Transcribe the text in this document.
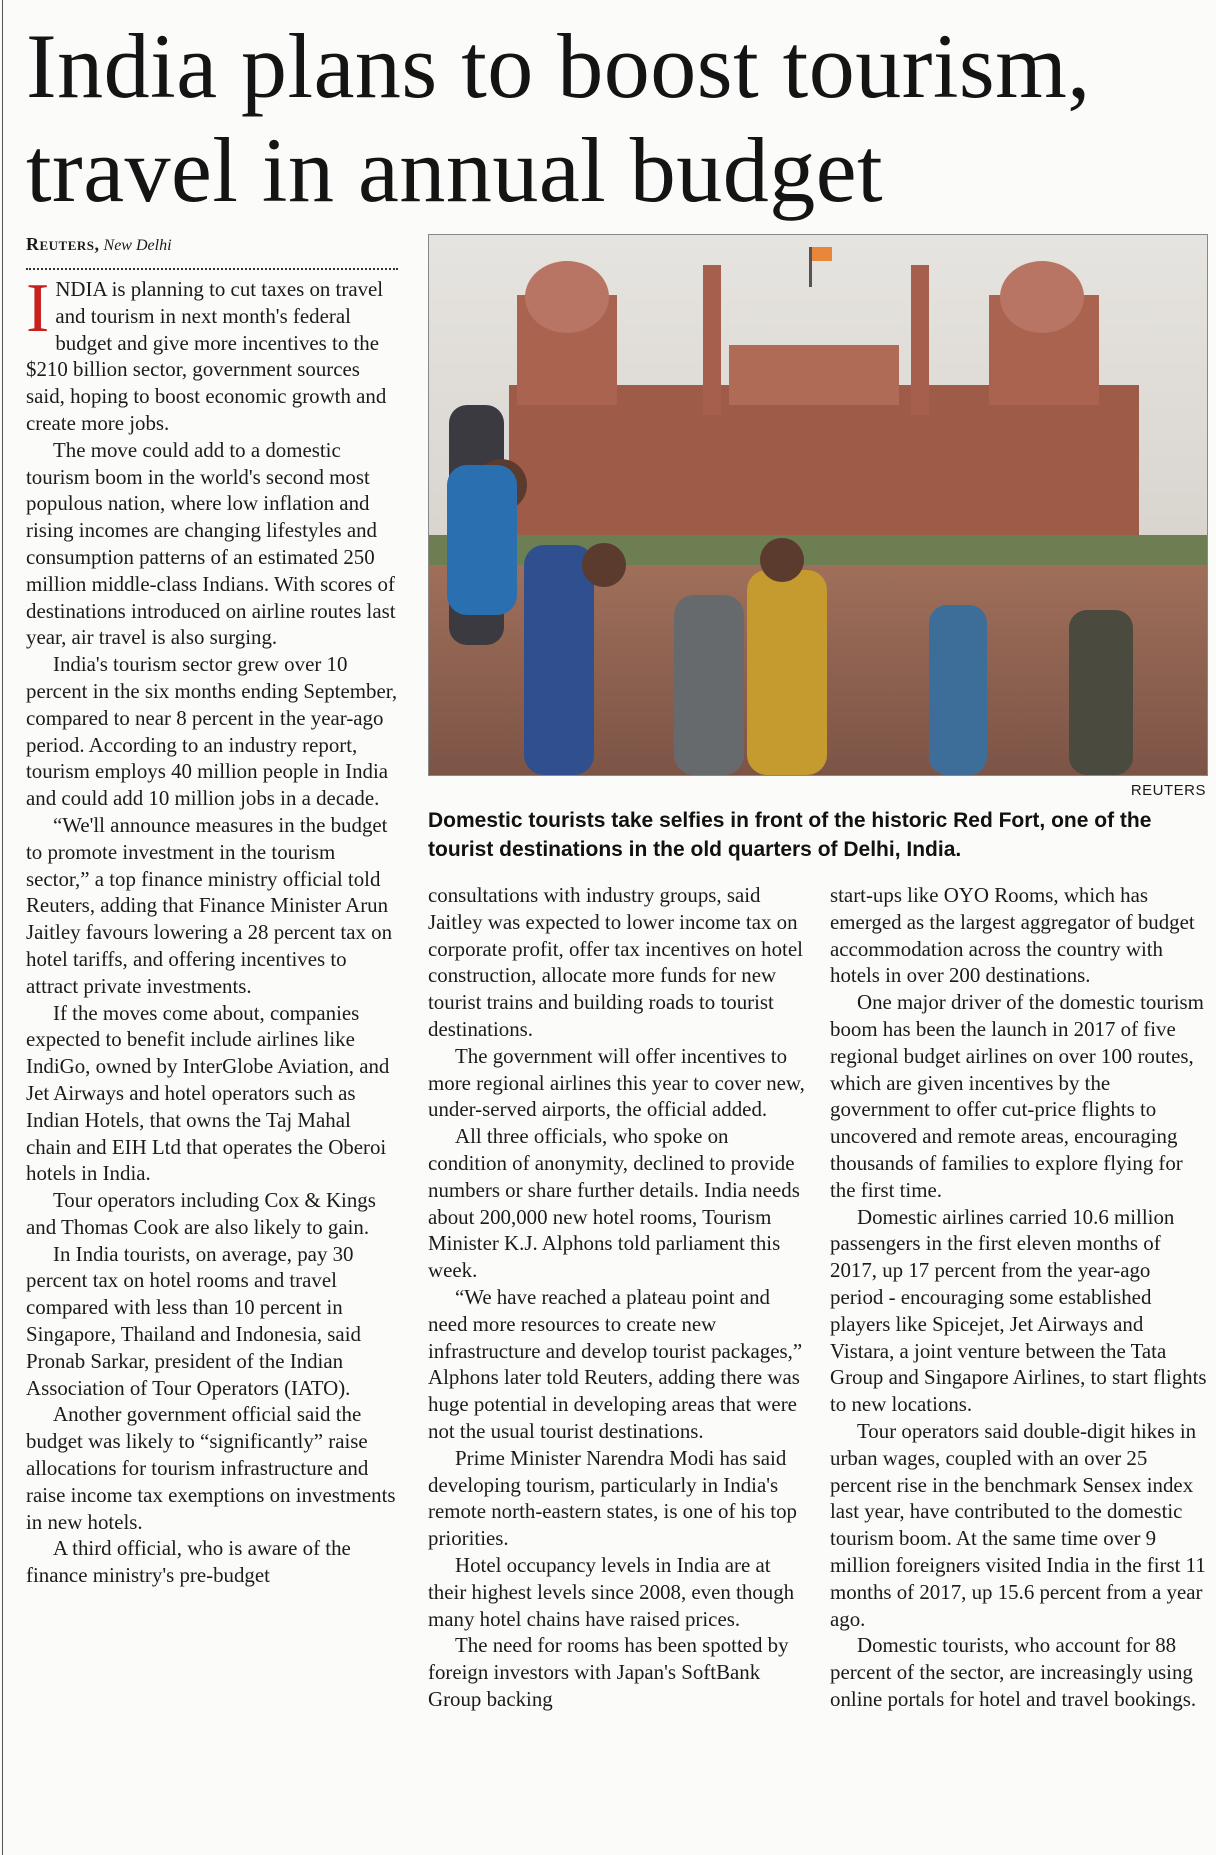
India plans to boost tourism, travel in annual budget
Reuters, New Delhi

INDIA is planning to cut taxes on travel and tourism in next month's federal budget and give more incentives to the $210 billion sector, government sources said, hoping to boost economic growth and create more jobs.

The move could add to a domestic tourism boom in the world's second most populous nation, where low inflation and rising incomes are changing lifestyles and consumption patterns of an estimated 250 million middle-class Indians. With scores of destinations introduced on airline routes last year, air travel is also surging.

India's tourism sector grew over 10 percent in the six months ending September, compared to near 8 percent in the year-ago period. According to an industry report, tourism employs 40 million people in India and could add 10 million jobs in a decade.

“We'll announce measures in the budget to promote investment in the tourism sector,” a top finance ministry official told Reuters, adding that Finance Minister Arun Jaitley favours lowering a 28 percent tax on hotel tariffs, and offering incentives to attract private investments.

If the moves come about, companies expected to benefit include airlines like IndiGo, owned by InterGlobe Aviation, and Jet Airways and hotel operators such as Indian Hotels, that owns the Taj Mahal chain and EIH Ltd that operates the Oberoi hotels in India.

Tour operators including Cox & Kings and Thomas Cook are also likely to gain.

In India tourists, on average, pay 30 percent tax on hotel rooms and travel compared with less than 10 percent in Singapore, Thailand and Indonesia, said Pronab Sarkar, president of the Indian Association of Tour Operators (IATO).

Another government official said the budget was likely to “significantly” raise allocations for tourism infrastructure and raise income tax exemptions on investments in new hotels.

A third official, who is aware of the finance ministry's pre-budget

REUTERS

Domestic tourists take selfies in front of the historic Red Fort, one of the tourist destinations in the old quarters of Delhi, India.

consultations with industry groups, said Jaitley was expected to lower income tax on corporate profit, offer tax incentives on hotel construction, allocate more funds for new tourist trains and building roads to tourist destinations.

The government will offer incentives to more regional airlines this year to cover new, under-served airports, the official added.

All three officials, who spoke on condition of anonymity, declined to provide numbers or share further details. India needs about 200,000 new hotel rooms, Tourism Minister K.J. Alphons told parliament this week.

“We have reached a plateau point and need more resources to create new infrastructure and develop tourist packages,” Alphons later told Reuters, adding there was huge potential in developing areas that were not the usual tourist destinations.

Prime Minister Narendra Modi has said developing tourism, particularly in India's remote north-eastern states, is one of his top priorities.

Hotel occupancy levels in India are at their highest levels since 2008, even though many hotel chains have raised prices.

The need for rooms has been spotted by foreign investors with Japan's SoftBank Group backing

start-ups like OYO Rooms, which has emerged as the largest aggregator of budget accommodation across the country with hotels in over 200 destinations.

One major driver of the domestic tourism boom has been the launch in 2017 of five regional budget airlines on over 100 routes, which are given incentives by the government to offer cut-price flights to uncovered and remote areas, encouraging thousands of families to explore flying for the first time.

Domestic airlines carried 10.6 million passengers in the first eleven months of 2017, up 17 percent from the year-ago period - encouraging some established players like Spicejet, Jet Airways and Vistara, a joint venture between the Tata Group and Singapore Airlines, to start flights to new locations.

Tour operators said double-digit hikes in urban wages, coupled with an over 25 percent rise in the benchmark Sensex index last year, have contributed to the domestic tourism boom. At the same time over 9 million foreigners visited India in the first 11 months of 2017, up 15.6 percent from a year ago.

Domestic tourists, who account for 88 percent of the sector, are increasingly using online portals for hotel and travel bookings.
